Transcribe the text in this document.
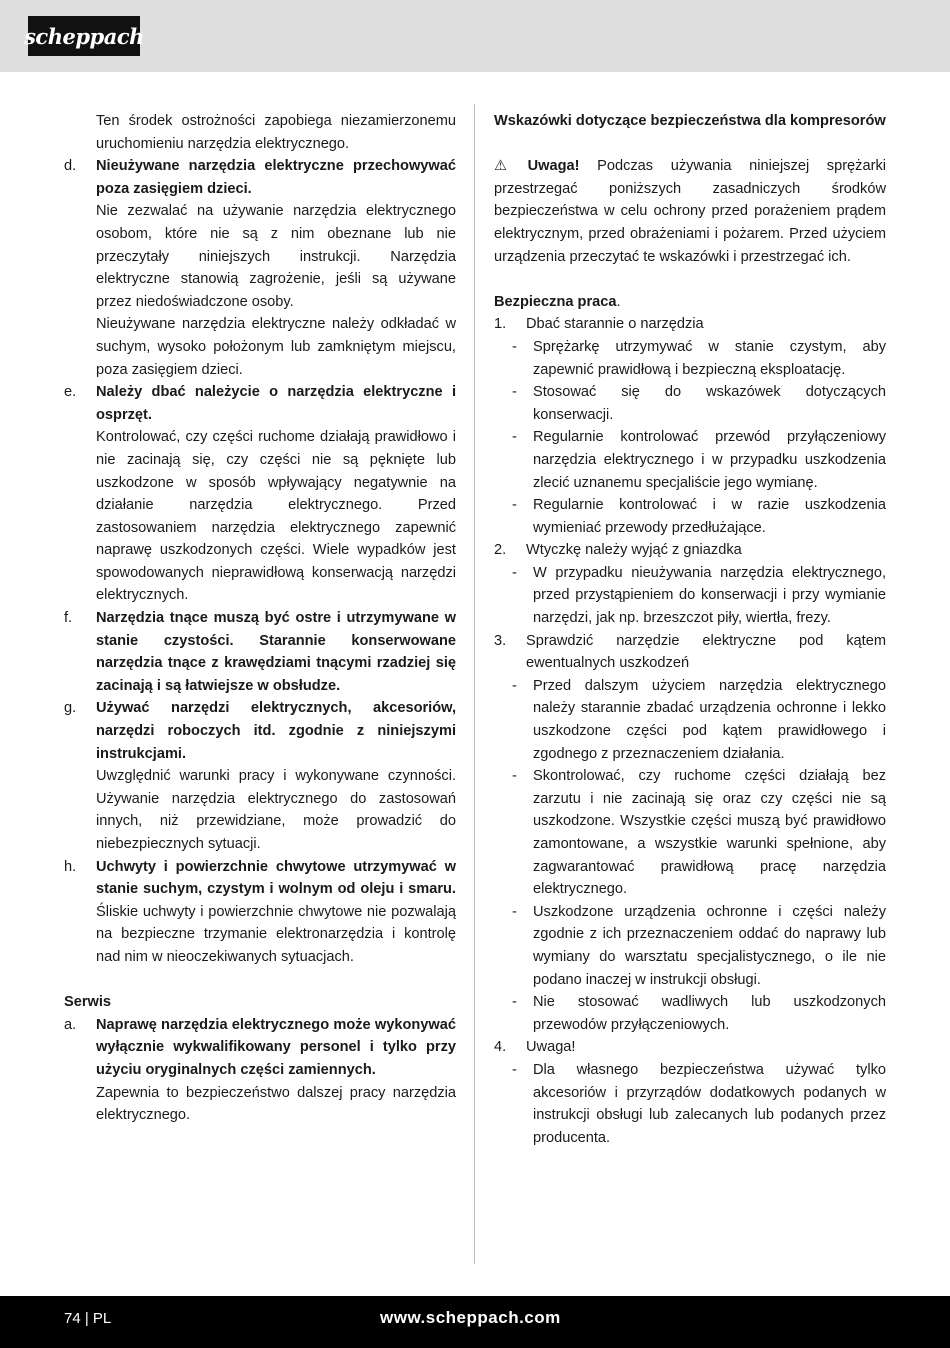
scheppach

Ten środek ostrożności zapobiega niezamierzonemu uruchomieniu narzędzia elektrycznego.

d.	Nieużywane narzędzia elektryczne przechowywać poza zasięgiem dzieci.

Nie zezwalać na używanie narzędzia elektrycznego osobom, które nie są z nim obeznane lub nie przeczytały niniejszych instrukcji. Narzędzia elektryczne stanowią zagrożenie, jeśli są używane przez niedoświadczone osoby.

Nieużywane narzędzia elektryczne należy odkładać w suchym, wysoko położonym lub zamkniętym miejscu, poza zasięgiem dzieci.

e.	Należy dbać należycie o narzędzia elektryczne i osprzęt.

Kontrolować, czy części ruchome działają prawidłowo i nie zacinają się, czy części nie są pęknięte lub uszkodzone w sposób wpływający negatywnie na działanie narzędzia elektrycznego. Przed zastosowaniem narzędzia elektrycznego zapewnić naprawę uszkodzonych części. Wiele wypadków jest spowodowanych nieprawidłową konserwacją narzędzi elektrycznych.

f.	Narzędzia tnące muszą być ostre i utrzymywane w stanie czystości. Starannie konserwowane narzędzia tnące z krawędziami tnącymi rzadziej się zacinają i są łatwiejsze w obsłudze.

g.	Używać narzędzi elektrycznych, akcesoriów, narzędzi roboczych itd. zgodnie z niniejszymi instrukcjami.

Uwzględnić warunki pracy i wykonywane czynności. Używanie narzędzia elektrycznego do zastosowań innych, niż przewidziane, może prowadzić do niebezpiecznych sytuacji.

h.	Uchwyty i powierzchnie chwytowe utrzymywać w stanie suchym, czystym i wolnym od oleju i smaru. Śliskie uchwyty i powierzchnie chwytowe nie pozwalają na bezpieczne trzymanie elektronarzędzia i kontrolę nad nim w nieoczekiwanych sytuacjach.

Serwis

a.	Naprawę narzędzia elektrycznego może wykonywać wyłącznie wykwalifikowany personel i tylko przy użyciu oryginalnych części zamiennych.

Zapewnia to bezpieczeństwo dalszej pracy narzędzia elektrycznego.

Wskazówki dotyczące bezpieczeństwa dla kompresorów

⚠ Uwaga! Podczas używania niniejszej sprężarki przestrzegać poniższych zasadniczych środków bezpieczeństwa w celu ochrony przed porażeniem prądem elektrycznym, przed obrażeniami i pożarem. Przed użyciem urządzenia przeczytać te wskazówki i przestrzegać ich.

Bezpieczna praca.

1.	Dbać starannie o narzędzia

-	Sprężarkę utrzymywać w stanie czystym, aby zapewnić prawidłową i bezpieczną eksploatację.

-	Stosować się do wskazówek dotyczących konserwacji.

-	Regularnie kontrolować przewód przyłączeniowy narzędzia elektrycznego i w przypadku uszkodzenia zlecić uznanemu specjaliście jego wymianę.

-	Regularnie kontrolować i w razie uszkodzenia wymieniać przewody przedłużające.

2.	Wtyczkę należy wyjąć z gniazdka

-	W przypadku nieużywania narzędzia elektrycznego, przed przystąpieniem do konserwacji i przy wymianie narzędzi, jak np. brzeszczot piły, wiertła, frezy.

3.	Sprawdzić narzędzie elektryczne pod kątem ewentualnych uszkodzeń

-	Przed dalszym użyciem narzędzia elektrycznego należy starannie zbadać urządzenia ochronne i lekko uszkodzone części pod kątem prawidłowego i zgodnego z przeznaczeniem działania.

-	Skontrolować, czy ruchome części działają bez zarzutu i nie zacinają się oraz czy części nie są uszkodzone. Wszystkie części muszą być prawidłowo zamontowane, a wszystkie warunki spełnione, aby zagwarantować prawidłową pracę narzędzia elektrycznego.

-	Uszkodzone urządzenia ochronne i części należy zgodnie z ich przeznaczeniem oddać do naprawy lub wymiany do warsztatu specjalistycznego, o ile nie podano inaczej w instrukcji obsługi.

-	Nie stosować wadliwych lub uszkodzonych przewodów przyłączeniowych.

4.	Uwaga!

-	Dla własnego bezpieczeństwa używać tylko akcesoriów i przyrządów dodatkowych podanych w instrukcji obsługi lub zalecanych lub podanych przez producenta.

74 | PL	www.scheppach.com
